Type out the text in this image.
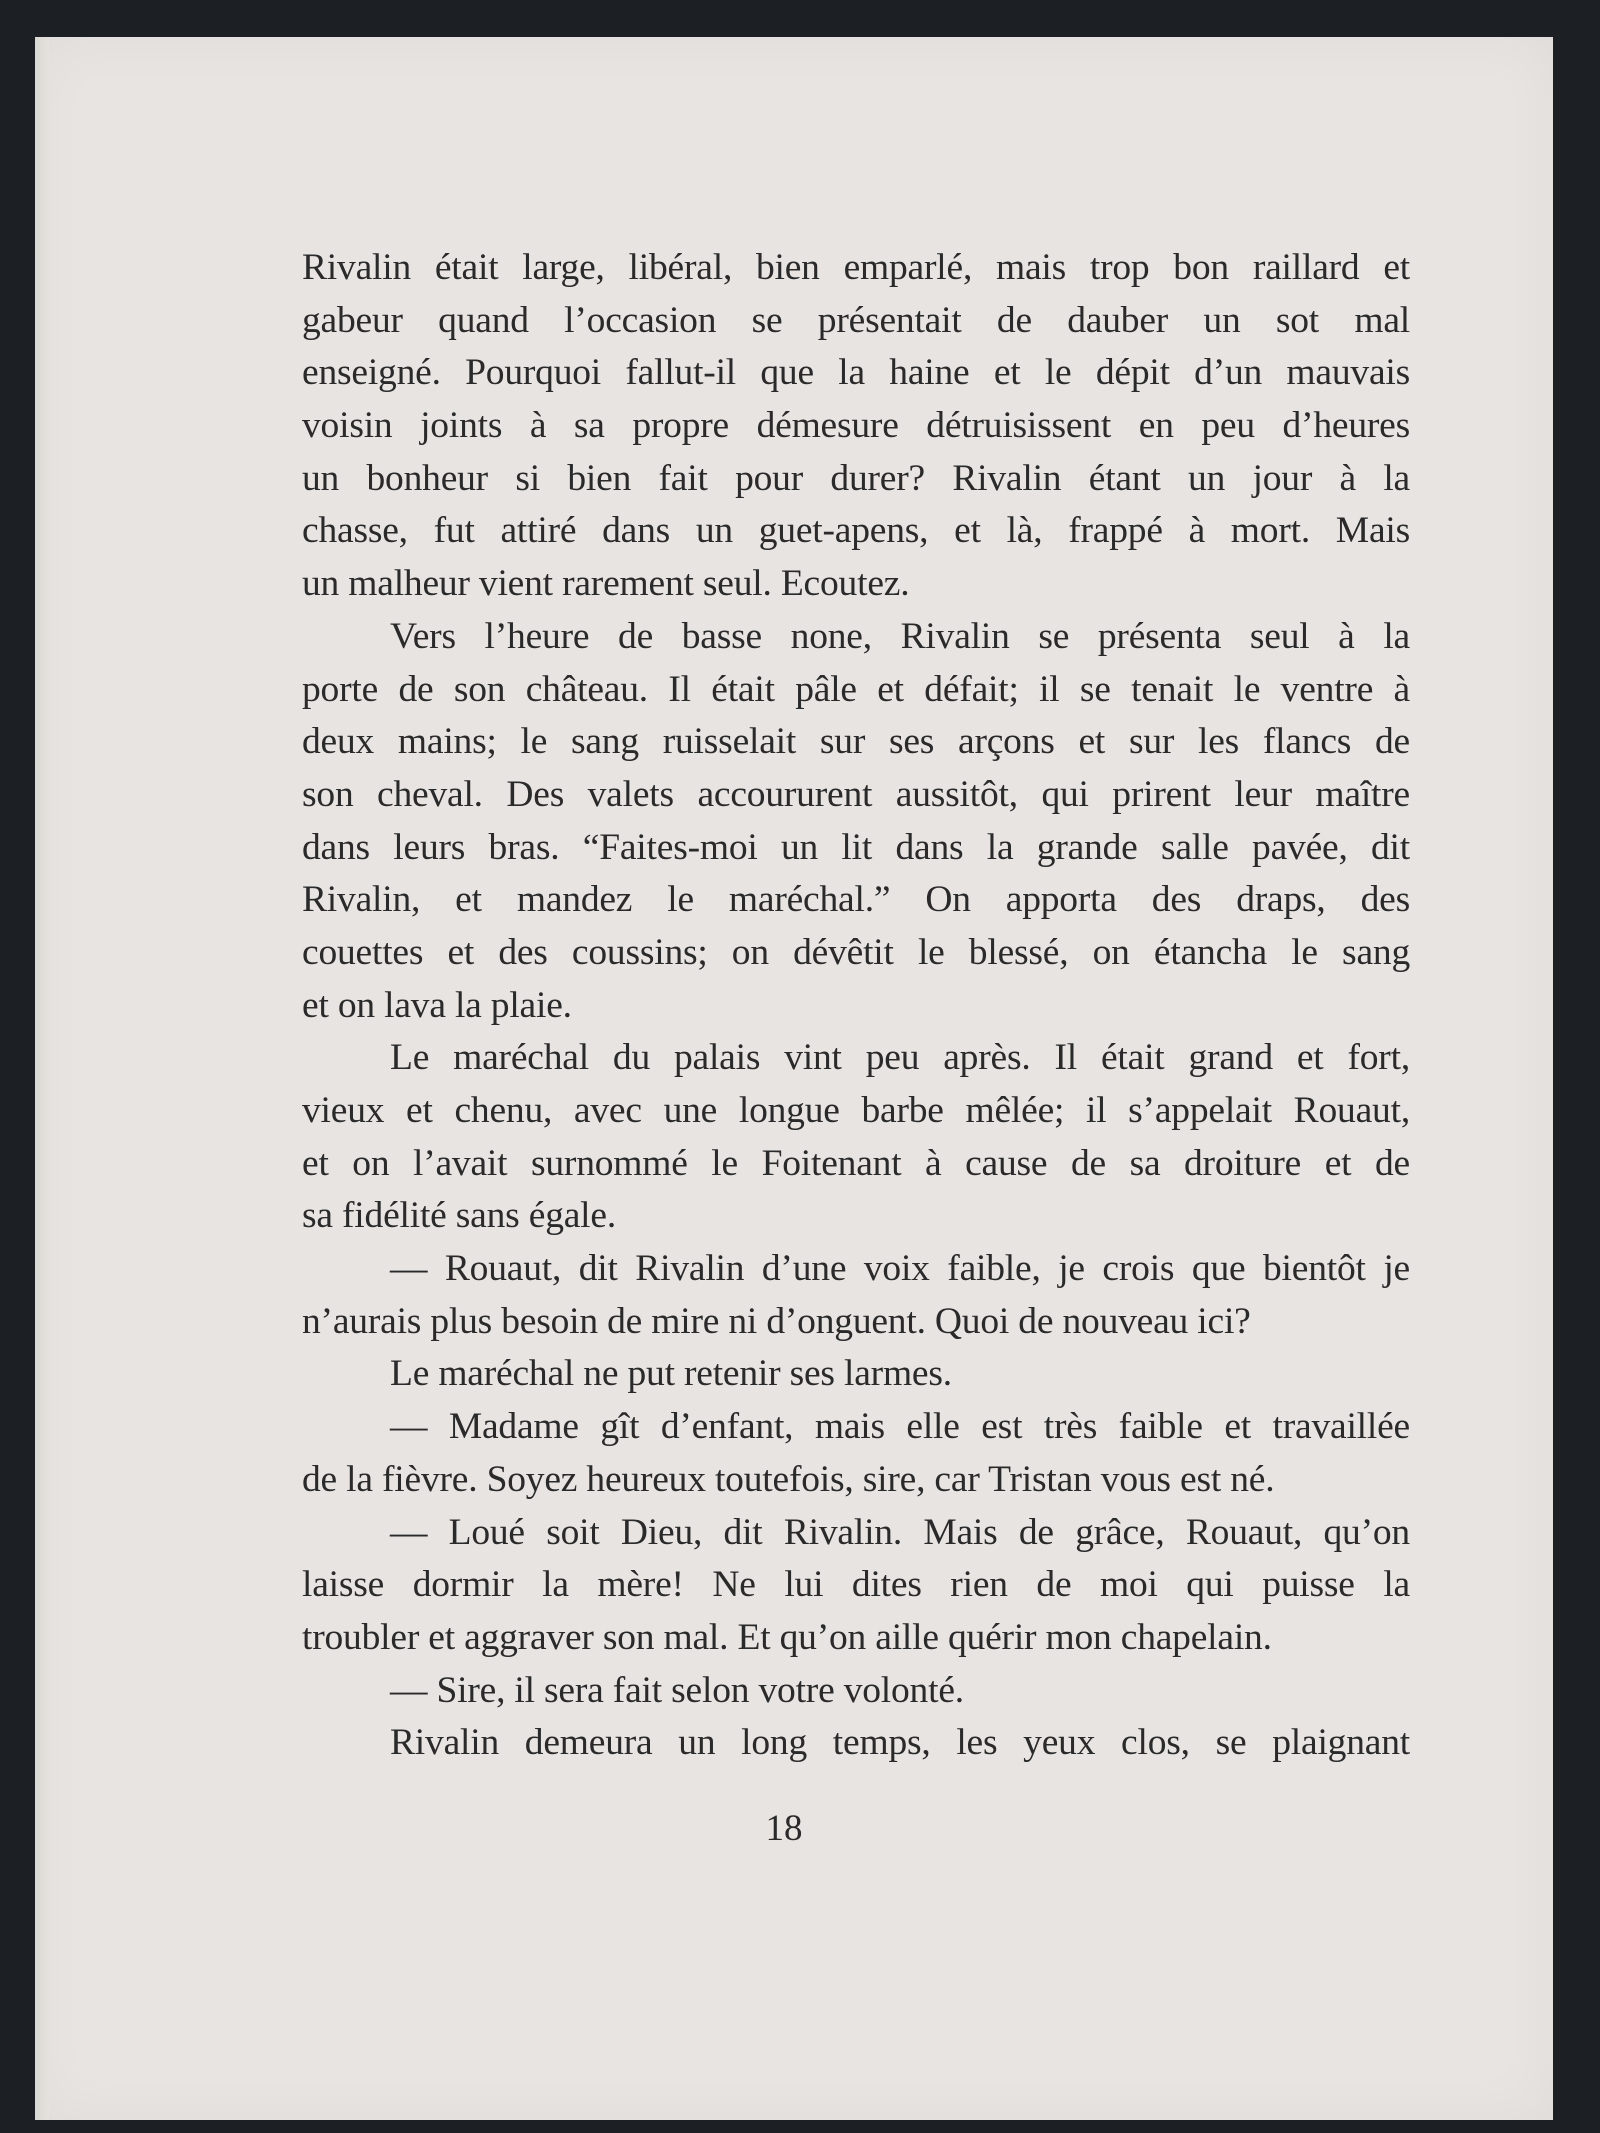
Rivalin était large, libéral, bien emparlé, mais trop bon raillard et
gabeur quand l’occasion se présentait de dauber un sot mal
enseigné. Pourquoi fallut-il que la haine et le dépit d’un mauvais
voisin joints à sa propre démesure détruisissent en peu d’heures
un bonheur si bien fait pour durer? Rivalin étant un jour à la
chasse, fut attiré dans un guet-apens, et là, frappé à mort. Mais
un malheur vient rarement seul. Ecoutez.
Vers l’heure de basse none, Rivalin se présenta seul à la
porte de son château. Il était pâle et défait; il se tenait le ventre à
deux mains; le sang ruisselait sur ses arçons et sur les flancs de
son cheval. Des valets accoururent aussitôt, qui prirent leur maître
dans leurs bras. “Faites-moi un lit dans la grande salle pavée, dit
Rivalin, et mandez le maréchal.” On apporta des draps, des
couettes et des coussins; on dévêtit le blessé, on étancha le sang
et on lava la plaie.
Le maréchal du palais vint peu après. Il était grand et fort,
vieux et chenu, avec une longue barbe mêlée; il s’appelait Rouaut,
et on l’avait surnommé le Foitenant à cause de sa droiture et de
sa fidélité sans égale.
— Rouaut, dit Rivalin d’une voix faible, je crois que bientôt je
n’aurais plus besoin de mire ni d’onguent. Quoi de nouveau ici?
Le maréchal ne put retenir ses larmes.
— Madame gît d’enfant, mais elle est très faible et travaillée
de la fièvre. Soyez heureux toutefois, sire, car Tristan vous est né.
— Loué soit Dieu, dit Rivalin. Mais de grâce, Rouaut, qu’on
laisse dormir la mère! Ne lui dites rien de moi qui puisse la
troubler et aggraver son mal. Et qu’on aille quérir mon chapelain.
— Sire, il sera fait selon votre volonté.
Rivalin demeura un long temps, les yeux clos, se plaignant
18
